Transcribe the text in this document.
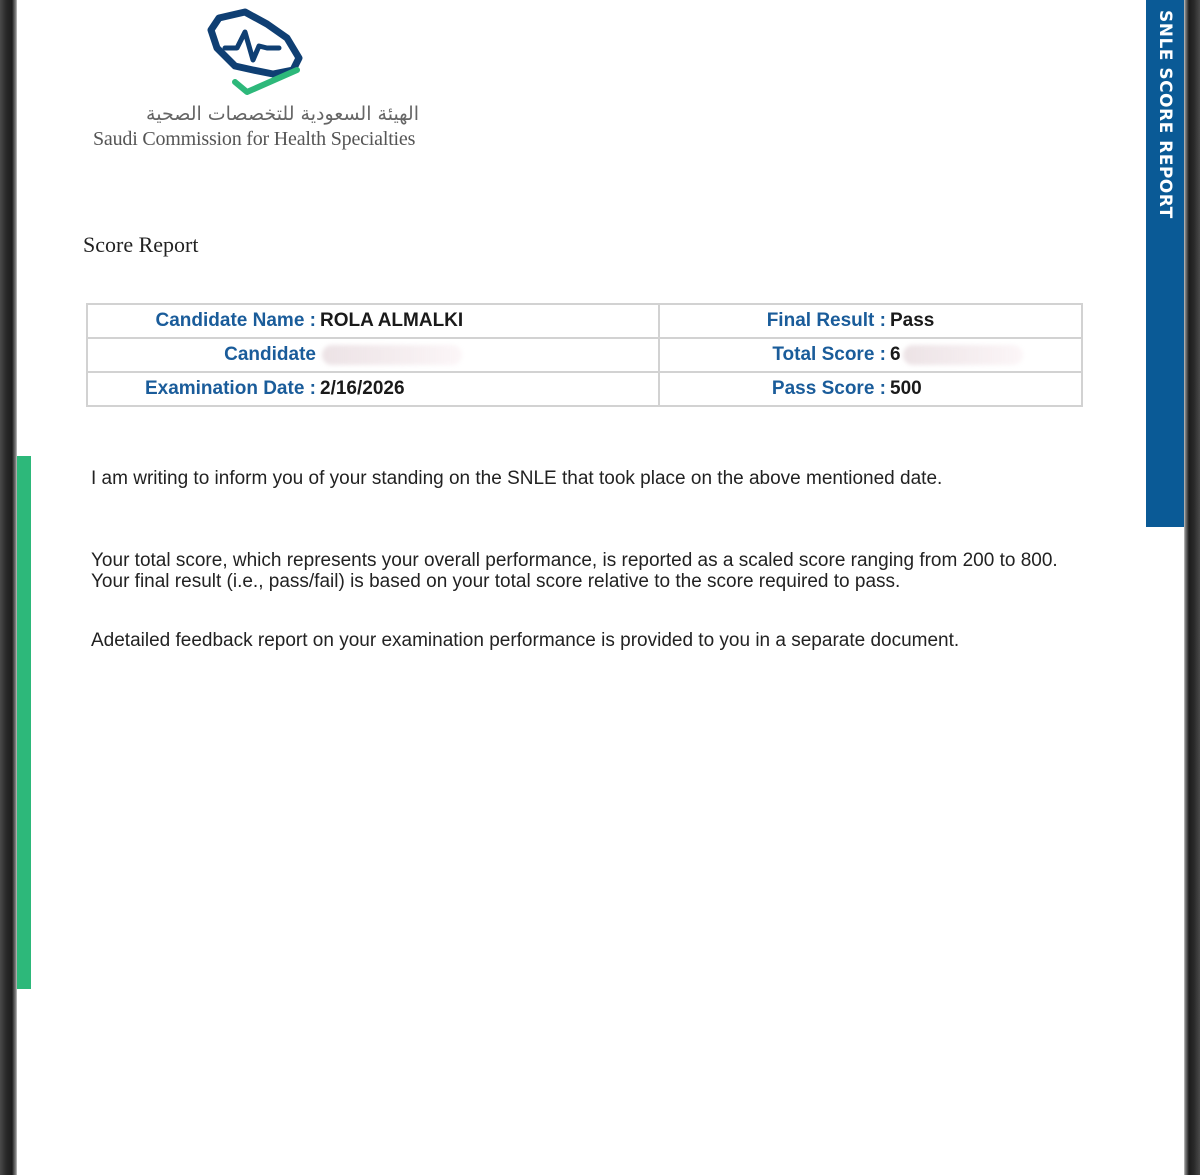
SNLE SCORE REPORT
الهيئة السعودية للتخصصات الصحية
Saudi Commission for Health Specialties
Score Report
Candidate Name : ROLA ALMALKI	Final Result : Pass
Candidate	Total Score : 6
Examination Date : 2/16/2026	Pass Score : 500

I am writing to inform you of your standing on the SNLE that took place on the above mentioned date.

Your total score, which represents your overall performance, is reported as a scaled score ranging from 200 to 800. Your final result (i.e., pass/fail) is based on your total score relative to the score required to pass.

Adetailed feedback report on your examination performance is provided to you in a separate document.
